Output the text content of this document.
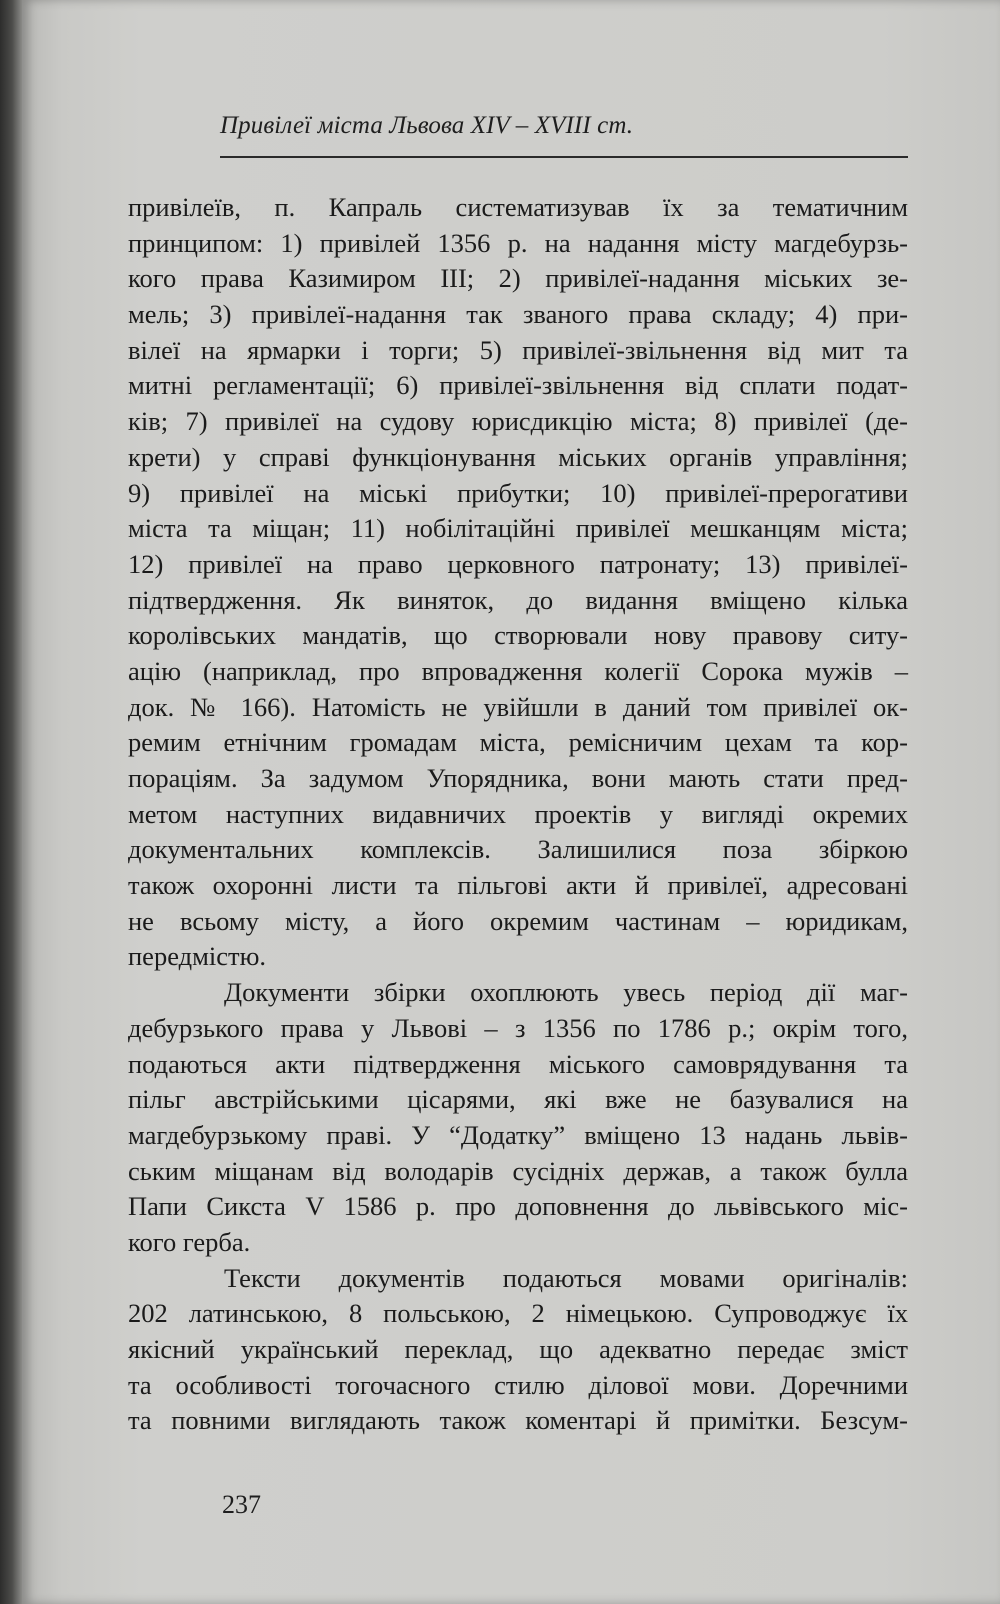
Привілеї міста Львова XIV – XVIII ст.
привілеїв, п. Капраль систематизував їх за тематичним
принципом: 1) привілей 1356 р. на надання місту магдебурзь-
кого права Казимиром III; 2) привілеї-надання міських зе-
мель; 3) привілеї-надання так званого права складу; 4) при-
вілеї на ярмарки і торги; 5) привілеї-звільнення від мит та
митні регламентації; 6) привілеї-звільнення від сплати подат-
ків; 7) привілеї на судову юрисдикцію міста; 8) привілеї (де-
крети) у справі функціонування міських органів управління;
9) привілеї на міські прибутки; 10) привілеї-прерогативи
міста та міщан; 11) нобілітаційні привілеї мешканцям міста;
12) привілеї на право церковного патронату; 13) привілеї-
підтвердження. Як виняток, до видання вміщено кілька
королівських мандатів, що створювали нову правову ситу-
ацію (наприклад, про впровадження колегії Сорока мужів –
док. № 166). Натомість не увійшли в даний том привілеї ок-
ремим етнічним громадам міста, ремісничим цехам та кор-
пораціям. За задумом Упорядника, вони мають стати пред-
метом наступних видавничих проектів у вигляді окремих
документальних комплексів. Залишилися поза збіркою
також охоронні листи та пільгові акти й привілеї, адресовані
не всьому місту, а його окремим частинам – юридикам,
передмістю.
Документи збірки охоплюють увесь період дії маг-
дебурзького права у Львові – з 1356 по 1786 р.; окрім того,
подаються акти підтвердження міського самоврядування та
пільг австрійськими цісарями, які вже не базувалися на
магдебурзькому праві. У “Додатку” вміщено 13 надань львів-
ським міщанам від володарів сусідніх держав, а також булла
Папи Сикста V 1586 р. про доповнення до львівського міс-
кого герба.
Тексти документів подаються мовами оригіналів:
202 латинською, 8 польською, 2 німецькою. Супроводжує їх
якісний український переклад, що адекватно передає зміст
та особливості тогочасного стилю ділової мови. Доречними
та повними виглядають також коментарі й примітки. Безсум-
237
